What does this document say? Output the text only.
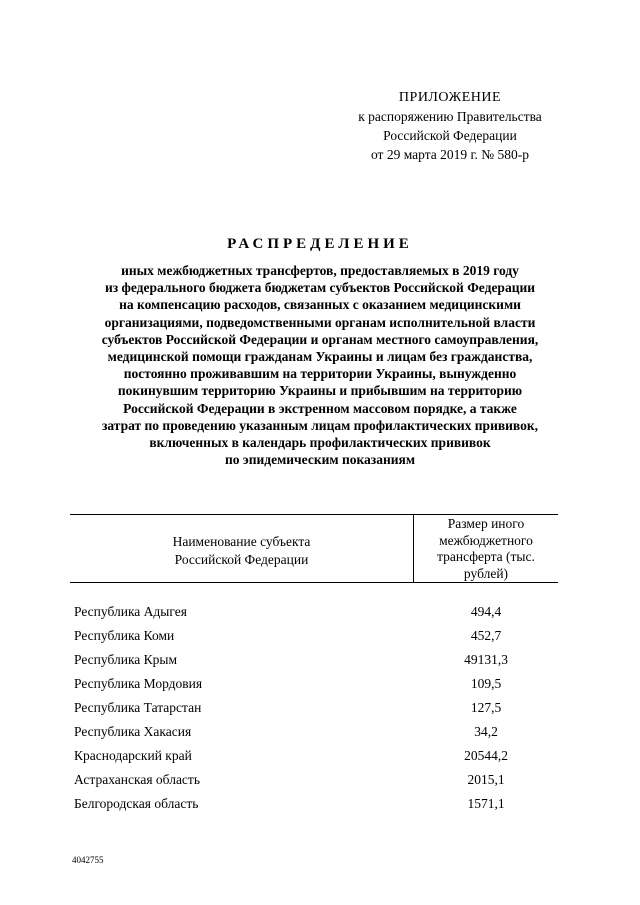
ПРИЛОЖЕНИЕ
к распоряжению Правительства
Российской Федерации
от 29 марта 2019 г. № 580-р
РАСПРЕДЕЛЕНИЕ
иных межбюджетных трансфертов, предоставляемых в 2019 году
из федерального бюджета бюджетам субъектов Российской Федерации
на компенсацию расходов, связанных с оказанием медицинскими
организациями, подведомственными органам исполнительной власти
субъектов Российской Федерации и органам местного самоуправления,
медицинской помощи гражданам Украины и лицам без гражданства,
постоянно проживавшим на территории Украины, вынужденно
покинувшим территорию Украины и прибывшим на территорию
Российской Федерации в экстренном массовом порядке, а также
затрат по проведению указанным лицам профилактических прививок,
включенных в календарь профилактических прививок
по эпидемическим показаниям
Наименование субъекта
Российской Федерации
Размер иного
межбюджетного
трансферта (тыс.
рублей)
Республика Адыгея	494,4
Республика Коми	452,7
Республика Крым	49131,3
Республика Мордовия	109,5
Республика Татарстан	127,5
Республика Хакасия	34,2
Краснодарский край	20544,2
Астраханская область	2015,1
Белгородская область	1571,1
4042755
